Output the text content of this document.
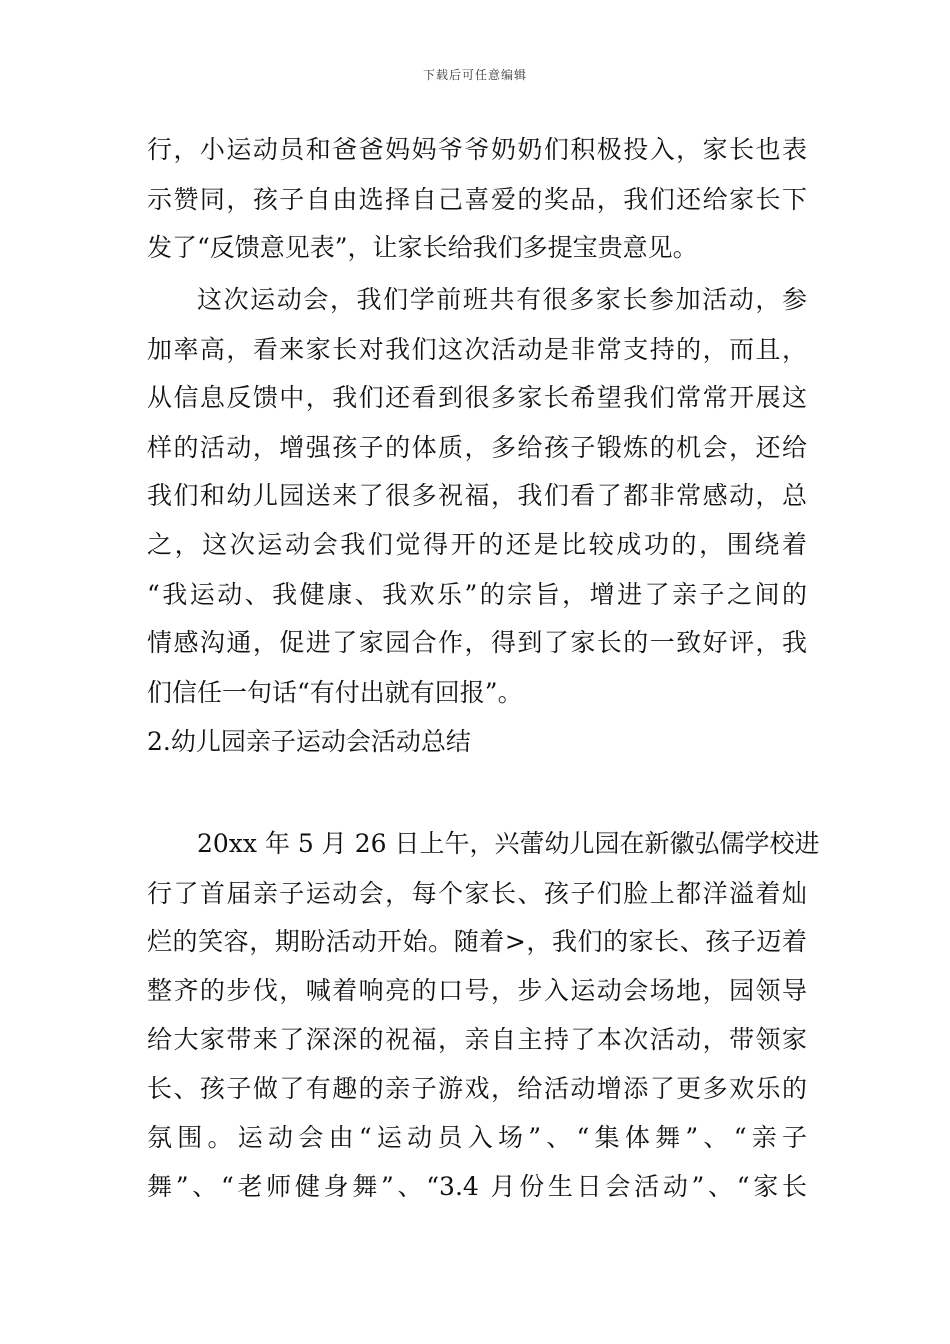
下载后可任意编辑
行，小运动员和爸爸妈妈爷爷奶奶们积极投入，家长也表
示赞同，孩子自由选择自己喜爱的奖品，我们还给家长下
发了“反馈意见表”，让家长给我们多提宝贵意见。
这次运动会，我们学前班共有很多家长参加活动，参
加率高，看来家长对我们这次活动是非常支持的，而且，
从信息反馈中，我们还看到很多家长希望我们常常开展这
样的活动，增强孩子的体质，多给孩子锻炼的机会，还给
我们和幼儿园送来了很多祝福，我们看了都非常感动，总
之，这次运动会我们觉得开的还是比较成功的，围绕着
“我运动、我健康、我欢乐”的宗旨，增进了亲子之间的
情感沟通，促进了家园合作，得到了家长的一致好评，我
们信任一句话“有付出就有回报”。
2.幼儿园亲子运动会活动总结
20xx 年 5 月 26 日上午，兴蕾幼儿园在新徽弘儒学校进
行了首届亲子运动会，每个家长、孩子们脸上都洋溢着灿
烂的笑容，期盼活动开始。随着>，我们的家长、孩子迈着
整齐的步伐，喊着响亮的口号，步入运动会场地，园领导
给大家带来了深深的祝福，亲自主持了本次活动，带领家
长、孩子做了有趣的亲子游戏，给活动增添了更多欢乐的
氛围。运动会由“运动员入场”、“集体舞”、“亲子
舞”、“老师健身舞”、“3.4 月份生日会活动”、“家长
